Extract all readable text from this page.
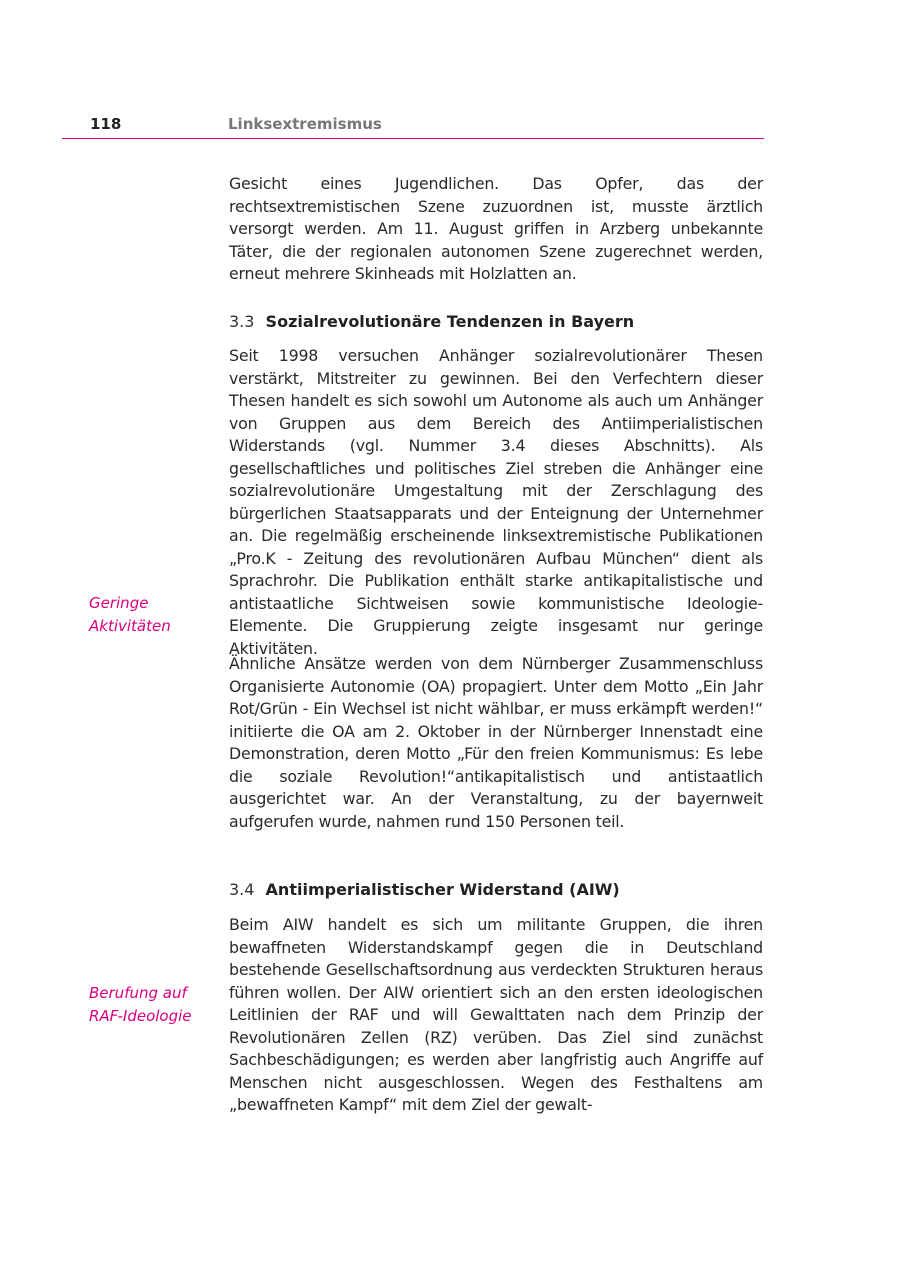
118	Linksextremismus

Gesicht eines Jugendlichen. Das Opfer, das der rechtsextremistischen Szene zuzuordnen ist, musste ärztlich versorgt werden. Am 11. August griffen in Arzberg unbekannte Täter, die der regionalen autonomen Szene zugerechnet werden, erneut mehrere Skinheads mit Holzlatten an.

3.3 Sozialrevolutionäre Tendenzen in Bayern

Seit 1998 versuchen Anhänger sozialrevolutionärer Thesen verstärkt, Mitstreiter zu gewinnen. Bei den Verfechtern dieser Thesen handelt es sich sowohl um Autonome als auch um Anhänger von Gruppen aus dem Bereich des Antiimperialistischen Widerstands (vgl. Nummer 3.4 dieses Abschnitts). Als gesellschaftliches und politisches Ziel streben die Anhänger eine sozialrevolutionäre Umgestaltung mit der Zerschlagung des bürgerlichen Staatsapparats und der Enteignung der Unternehmer an. Die regelmäßig erscheinende linksextremistische Publikationen „Pro.K - Zeitung des revolutionären Aufbau München“ dient als Sprachrohr. Die Publikation enthält starke antikapitalistische und antistaatliche Sichtweisen sowie kommunistische Ideologie-Elemente. Die Gruppierung zeigte insgesamt nur geringe Aktivitäten.

Geringe
Aktivitäten

Ähnliche Ansätze werden von dem Nürnberger Zusammenschluss Organisierte Autonomie (OA) propagiert. Unter dem Motto „Ein Jahr Rot/Grün - Ein Wechsel ist nicht wählbar, er muss erkämpft werden!“ initiierte die OA am 2. Oktober in der Nürnberger Innenstadt eine Demonstration, deren Motto „Für den freien Kommunismus: Es lebe die soziale Revolution!“antikapitalistisch und antistaatlich ausgerichtet war. An der Veranstaltung, zu der bayernweit aufgerufen wurde, nahmen rund 150 Personen teil.

3.4 Antiimperialistischer Widerstand (AIW)

Beim AIW handelt es sich um militante Gruppen, die ihren bewaffneten Widerstandskampf gegen die in Deutschland bestehende Gesellschaftsordnung aus verdeckten Strukturen heraus führen wollen. Der AIW orientiert sich an den ersten ideologischen Leitlinien der RAF und will Gewalttaten nach dem Prinzip der Revolutionären Zellen (RZ) verüben. Das Ziel sind zunächst Sachbeschädigungen; es werden aber langfristig auch Angriffe auf Menschen nicht ausgeschlossen. Wegen des Festhaltens am „bewaffneten Kampf“ mit dem Ziel der gewalt-

Berufung auf
RAF-Ideologie
